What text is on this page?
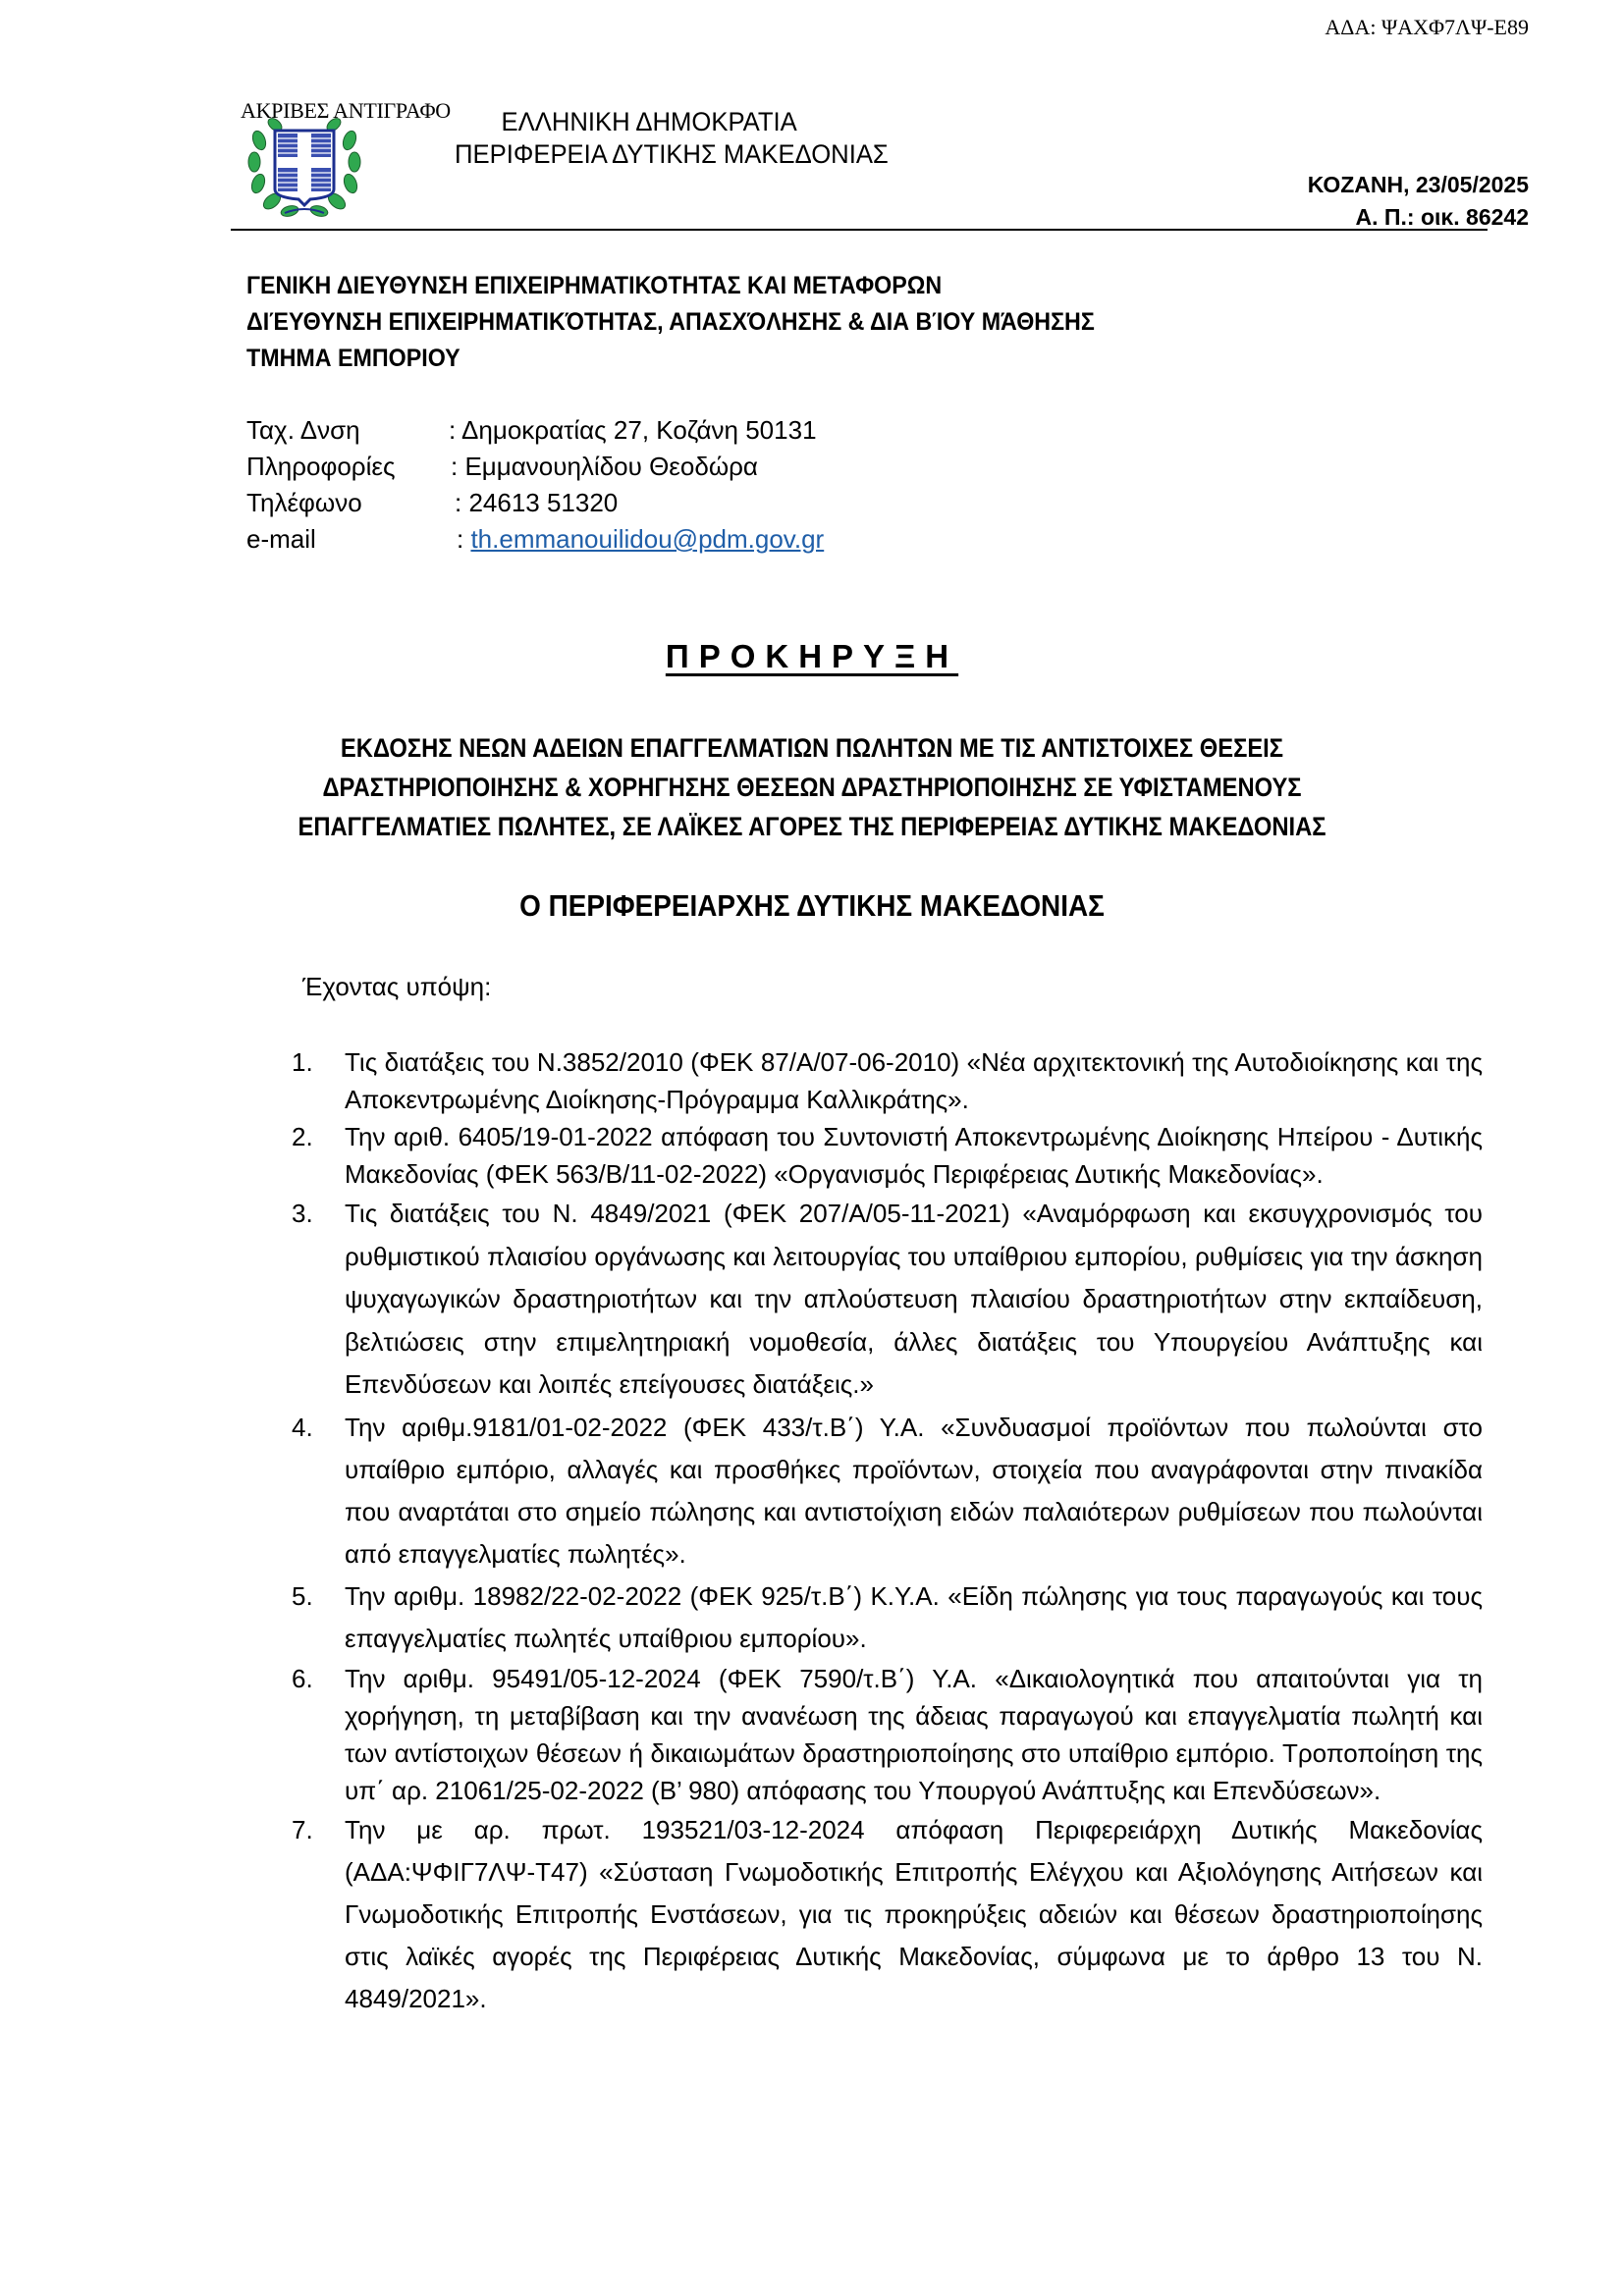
ΑΔΑ: ΨΑΧΦ7ΛΨ-Ε89
ΑΚΡΙΒΕΣ ΑΝΤΙΓΡΑΦΟ	ΕΛΛΗΝΙΚΗ ΔΗΜΟΚΡΑΤΙΑ
ΠΕΡΙΦΕΡΕΙΑ ΔΥΤΙΚΗΣ ΜΑΚΕΔΟΝΙΑΣ
ΚΟΖΑΝΗ, 23/05/2025
Α. Π.: οικ. 86242
ΓΕΝΙΚΗ ΔΙΕΥΘΥΝΣΗ ΕΠΙΧΕΙΡΗΜΑΤΙΚΟΤΗΤΑΣ ΚΑΙ ΜΕΤΑΦΟΡΩΝ
ΔΙΈΥΘΥΝΣΗ ΕΠΙΧΕΙΡΗΜΑΤΙΚΌΤΗΤΑΣ, ΑΠΑΣΧΌΛΗΣΗΣ & ΔΙΑ ΒΊΟΥ ΜΆΘΗΣΗΣ
ΤΜΗΜΑ ΕΜΠΟΡΙΟΥ
Ταχ. Δνση	: Δημοκρατίας 27, Κοζάνη 50131
Πληροφορίες	: Εμμανουηλίδου Θεοδώρα
Τηλέφωνο	: 24613 51320
e-mail	: th.emmanouilidou@pdm.gov.gr
ΠΡΟΚΗΡΥΞΗ
ΕΚΔΟΣΗΣ ΝΕΩΝ ΑΔΕΙΩΝ ΕΠΑΓΓΕΛΜΑΤΙΩΝ ΠΩΛΗΤΩΝ ΜΕ ΤΙΣ ΑΝΤΙΣΤΟΙΧΕΣ ΘΕΣΕΙΣ
ΔΡΑΣΤΗΡΙΟΠΟΙΗΣΗΣ & ΧΟΡΗΓΗΣΗΣ ΘΕΣΕΩΝ ΔΡΑΣΤΗΡΙΟΠΟΙΗΣΗΣ ΣΕ ΥΦΙΣΤΑΜΕΝΟΥΣ
ΕΠΑΓΓΕΛΜΑΤΙΕΣ ΠΩΛΗΤΕΣ, ΣΕ ΛΑΪΚΕΣ ΑΓΟΡΕΣ ΤΗΣ ΠΕΡΙΦΕΡΕΙΑΣ ΔΥΤΙΚΗΣ ΜΑΚΕΔΟΝΙΑΣ
Ο ΠΕΡΙΦΕΡΕΙΑΡΧΗΣ ΔΥΤΙΚΗΣ ΜΑΚΕΔΟΝΙΑΣ
Έχοντας υπόψη:
1. Τις διατάξεις του Ν.3852/2010 (ΦΕΚ 87/Α/07-06-2010) «Νέα αρχιτεκτονική της Αυτοδιοίκησης και της Αποκεντρωμένης Διοίκησης-Πρόγραμμα Καλλικράτης».
2. Την αριθ. 6405/19-01-2022 απόφαση του Συντονιστή Αποκεντρωμένης Διοίκησης Ηπείρου - Δυτικής Μακεδονίας (ΦΕΚ 563/Β/11-02-2022) «Οργανισμός Περιφέρειας Δυτικής Μακεδονίας».
3. Τις διατάξεις του Ν. 4849/2021 (ΦΕΚ 207/Α/05-11-2021) «Αναμόρφωση και εκσυγχρονισμός του ρυθμιστικού πλαισίου οργάνωσης και λειτουργίας του υπαίθριου εμπορίου, ρυθμίσεις για την άσκηση ψυχαγωγικών δραστηριοτήτων και την απλούστευση πλαισίου δραστηριοτήτων στην εκπαίδευση, βελτιώσεις στην επιμελητηριακή νομοθεσία, άλλες διατάξεις του Υπουργείου Ανάπτυξης και Επενδύσεων και λοιπές επείγουσες διατάξεις.»
4. Την αριθμ.9181/01-02-2022 (ΦΕΚ 433/τ.Β΄) Υ.Α. «Συνδυασμοί προϊόντων που πωλούνται στο υπαίθριο εμπόριο, αλλαγές και προσθήκες προϊόντων, στοιχεία που αναγράφονται στην πινακίδα που αναρτάται στο σημείο πώλησης και αντιστοίχιση ειδών παλαιότερων ρυθμίσεων που πωλούνται από επαγγελματίες πωλητές».
5. Την αριθμ. 18982/22-02-2022 (ΦΕΚ 925/τ.Β΄) Κ.Υ.Α. «Είδη πώλησης για τους παραγωγούς και τους επαγγελματίες πωλητές υπαίθριου εμπορίου».
6. Την αριθμ. 95491/05-12-2024 (ΦΕΚ 7590/τ.Β΄) Υ.Α. «Δικαιολογητικά που απαιτούνται για τη χορήγηση, τη μεταβίβαση και την ανανέωση της άδειας παραγωγού και επαγγελματία πωλητή και των αντίστοιχων θέσεων ή δικαιωμάτων δραστηριοποίησης στο υπαίθριο εμπόριο. Τροποποίηση της υπ΄ αρ. 21061/25-02-2022 (Β’ 980) απόφασης του Υπουργού Ανάπτυξης και Επενδύσεων».
7. Την με αρ. πρωτ. 193521/03-12-2024 απόφαση Περιφερειάρχη Δυτικής Μακεδονίας (ΑΔΑ:ΨΦΙΓ7ΛΨ-Τ47) «Σύσταση Γνωμοδοτικής Επιτροπής Ελέγχου και Αξιολόγησης Αιτήσεων και Γνωμοδοτικής Επιτροπής Ενστάσεων, για τις προκηρύξεις αδειών και θέσεων δραστηριοποίησης στις λαϊκές αγορές της Περιφέρειας Δυτικής Μακεδονίας, σύμφωνα με το άρθρο 13 του Ν. 4849/2021».
